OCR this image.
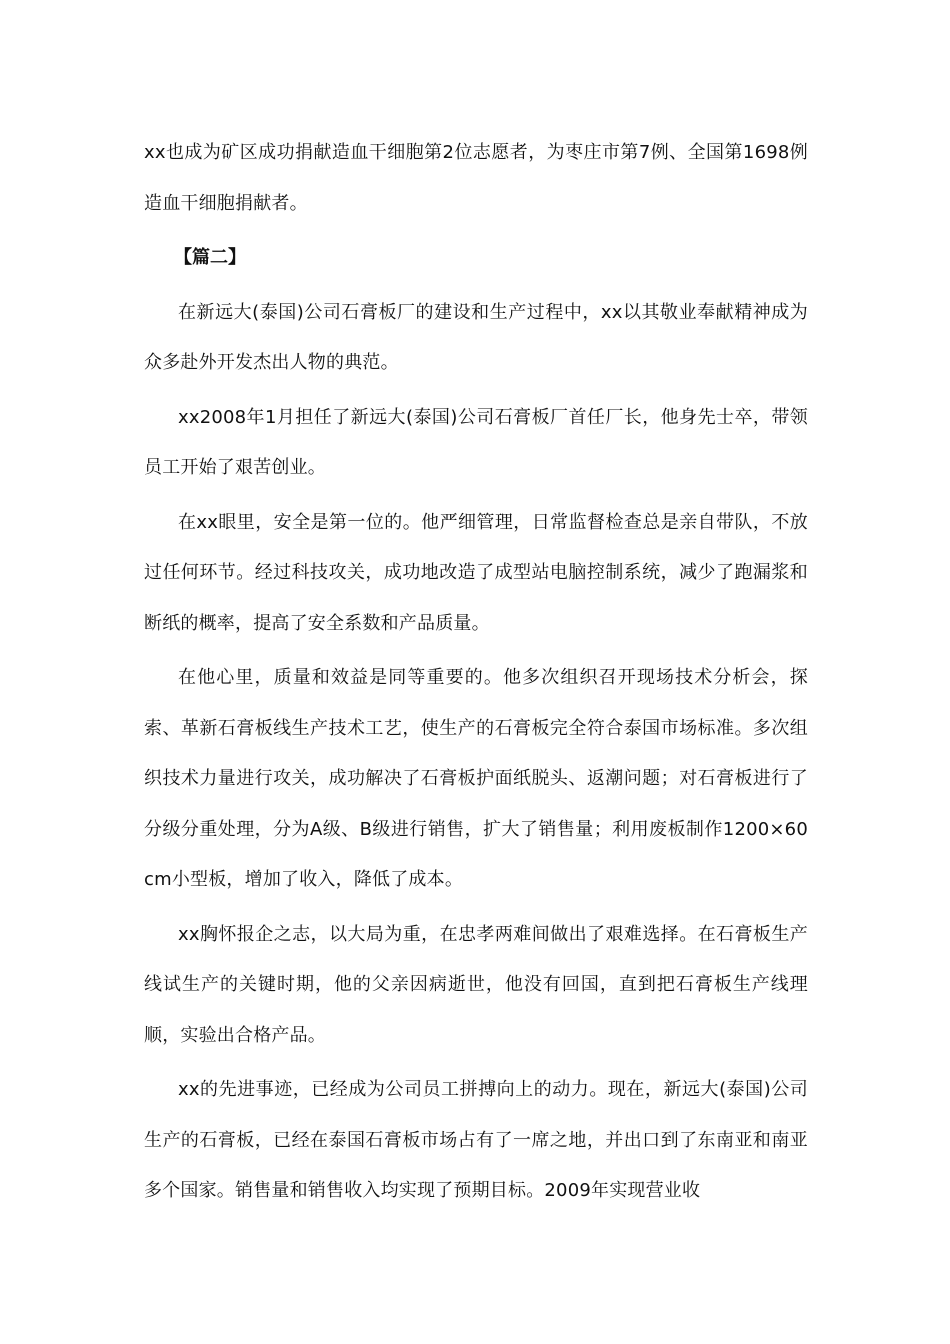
xx也成为矿区成功捐献造血干细胞第2位志愿者，为枣庄市第7例、全国第1698例造血干细胞捐献者。

【篇二】

在新远大(泰国)公司石膏板厂的建设和生产过程中，xx以其敬业奉献精神成为众多赴外开发杰出人物的典范。

xx2008年1月担任了新远大(泰国)公司石膏板厂首任厂长，他身先士卒，带领员工开始了艰苦创业。

在xx眼里，安全是第一位的。他严细管理，日常监督检查总是亲自带队，不放过任何环节。经过科技攻关，成功地改造了成型站电脑控制系统，减少了跑漏浆和断纸的概率，提高了安全系数和产品质量。

在他心里，质量和效益是同等重要的。他多次组织召开现场技术分析会，探索、革新石膏板线生产技术工艺，使生产的石膏板完全符合泰国市场标准。多次组织技术力量进行攻关，成功解决了石膏板护面纸脱头、返潮问题；对石膏板进行了分级分重处理，分为A级、B级进行销售，扩大了销售量；利用废板制作1200×60cm小型板，增加了收入，降低了成本。

xx胸怀报企之志，以大局为重，在忠孝两难间做出了艰难选择。在石膏板生产线试生产的关键时期，他的父亲因病逝世，他没有回国，直到把石膏板生产线理顺，实验出合格产品。

xx的先进事迹，已经成为公司员工拼搏向上的动力。现在，新远大(泰国)公司生产的石膏板，已经在泰国石膏板市场占有了一席之地，并出口到了东南亚和南亚多个国家。销售量和销售收入均实现了预期目标。2009年实现营业收
